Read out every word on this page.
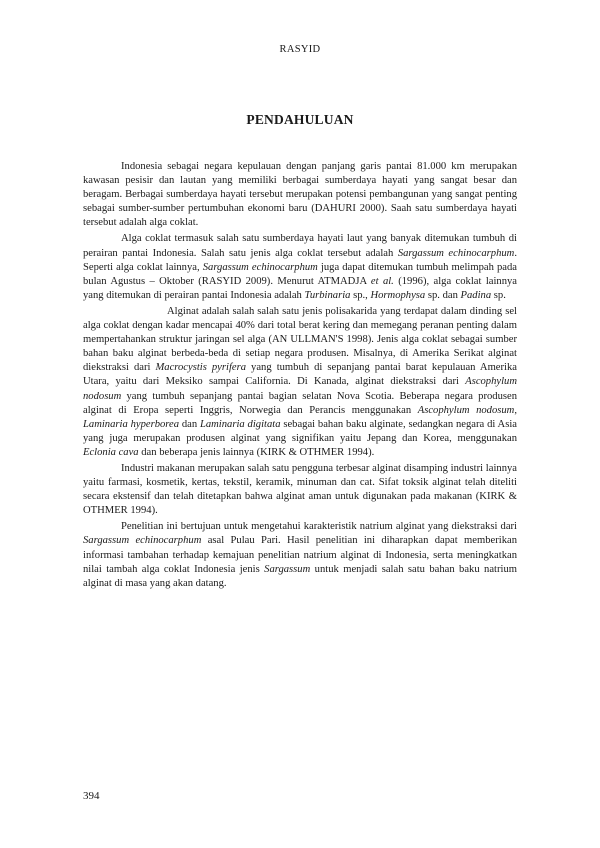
RASYID
PENDAHULUAN

Indonesia sebagai negara kepulauan dengan panjang garis pantai 81.000 km merupakan kawasan pesisir dan lautan yang memiliki berbagai sumberdaya hayati yang sangat besar dan beragam. Berbagai sumberdaya hayati tersebut merupakan potensi pembangunan yang sangat penting sebagai sumber-sumber pertumbuhan ekonomi baru (DAHURI 2000). Saah satu sumberdaya hayati tersebut adalah alga coklat.

Alga coklat termasuk salah satu sumberdaya hayati laut yang banyak ditemukan tumbuh di perairan pantai Indonesia. Salah satu jenis alga coklat tersebut adalah Sargassum echinocarphum. Seperti alga coklat lainnya, Sargassum echinocarphum juga dapat ditemukan tumbuh melimpah pada bulan Agustus – Oktober (RASYID 2009). Menurut ATMADJA et al. (1996), alga coklat lainnya yang ditemukan di perairan pantai Indonesia adalah Turbinaria sp., Hormophysa sp. dan Padina sp.

Alginat adalah salah salah satu jenis polisakarida yang terdapat dalam dinding sel alga coklat dengan kadar mencapai 40% dari total berat kering dan memegang peranan penting dalam mempertahankan struktur jaringan sel alga (AN ULLMAN'S 1998). Jenis alga coklat sebagai sumber bahan baku alginat berbeda-beda di setiap negara produsen. Misalnya, di Amerika Serikat alginat diekstraksi dari Macrocystis pyrifera yang tumbuh di sepanjang pantai barat kepulauan Amerika Utara, yaitu dari Meksiko sampai California. Di Kanada, alginat diekstraksi dari Ascophylum nodosum yang tumbuh sepanjang pantai bagian selatan Nova Scotia. Beberapa negara produsen alginat di Eropa seperti Inggris, Norwegia dan Perancis menggunakan Ascophylum nodosum, Laminaria hyperborea dan Laminaria digitata sebagai bahan baku alginate, sedangkan negara di Asia yang juga merupakan produsen alginat yang signifikan yaitu Jepang dan Korea, menggunakan Eclonia cava dan beberapa jenis lainnya (KIRK & OTHMER 1994).

Industri makanan merupakan salah satu pengguna terbesar alginat disamping industri lainnya yaitu farmasi, kosmetik, kertas, tekstil, keramik, minuman dan cat. Sifat toksik alginat telah diteliti secara ekstensif dan telah ditetapkan bahwa alginat aman untuk digunakan pada makanan (KIRK & OTHMER 1994).

Penelitian ini bertujuan untuk mengetahui karakteristik natrium alginat yang diekstraksi dari Sargassum echinocarphum asal Pulau Pari. Hasil penelitian ini diharapkan dapat memberikan informasi tambahan terhadap kemajuan penelitian natrium alginat di Indonesia, serta meningkatkan nilai tambah alga coklat Indonesia jenis Sargassum untuk menjadi salah satu bahan baku natrium alginat di masa yang akan datang.

394
